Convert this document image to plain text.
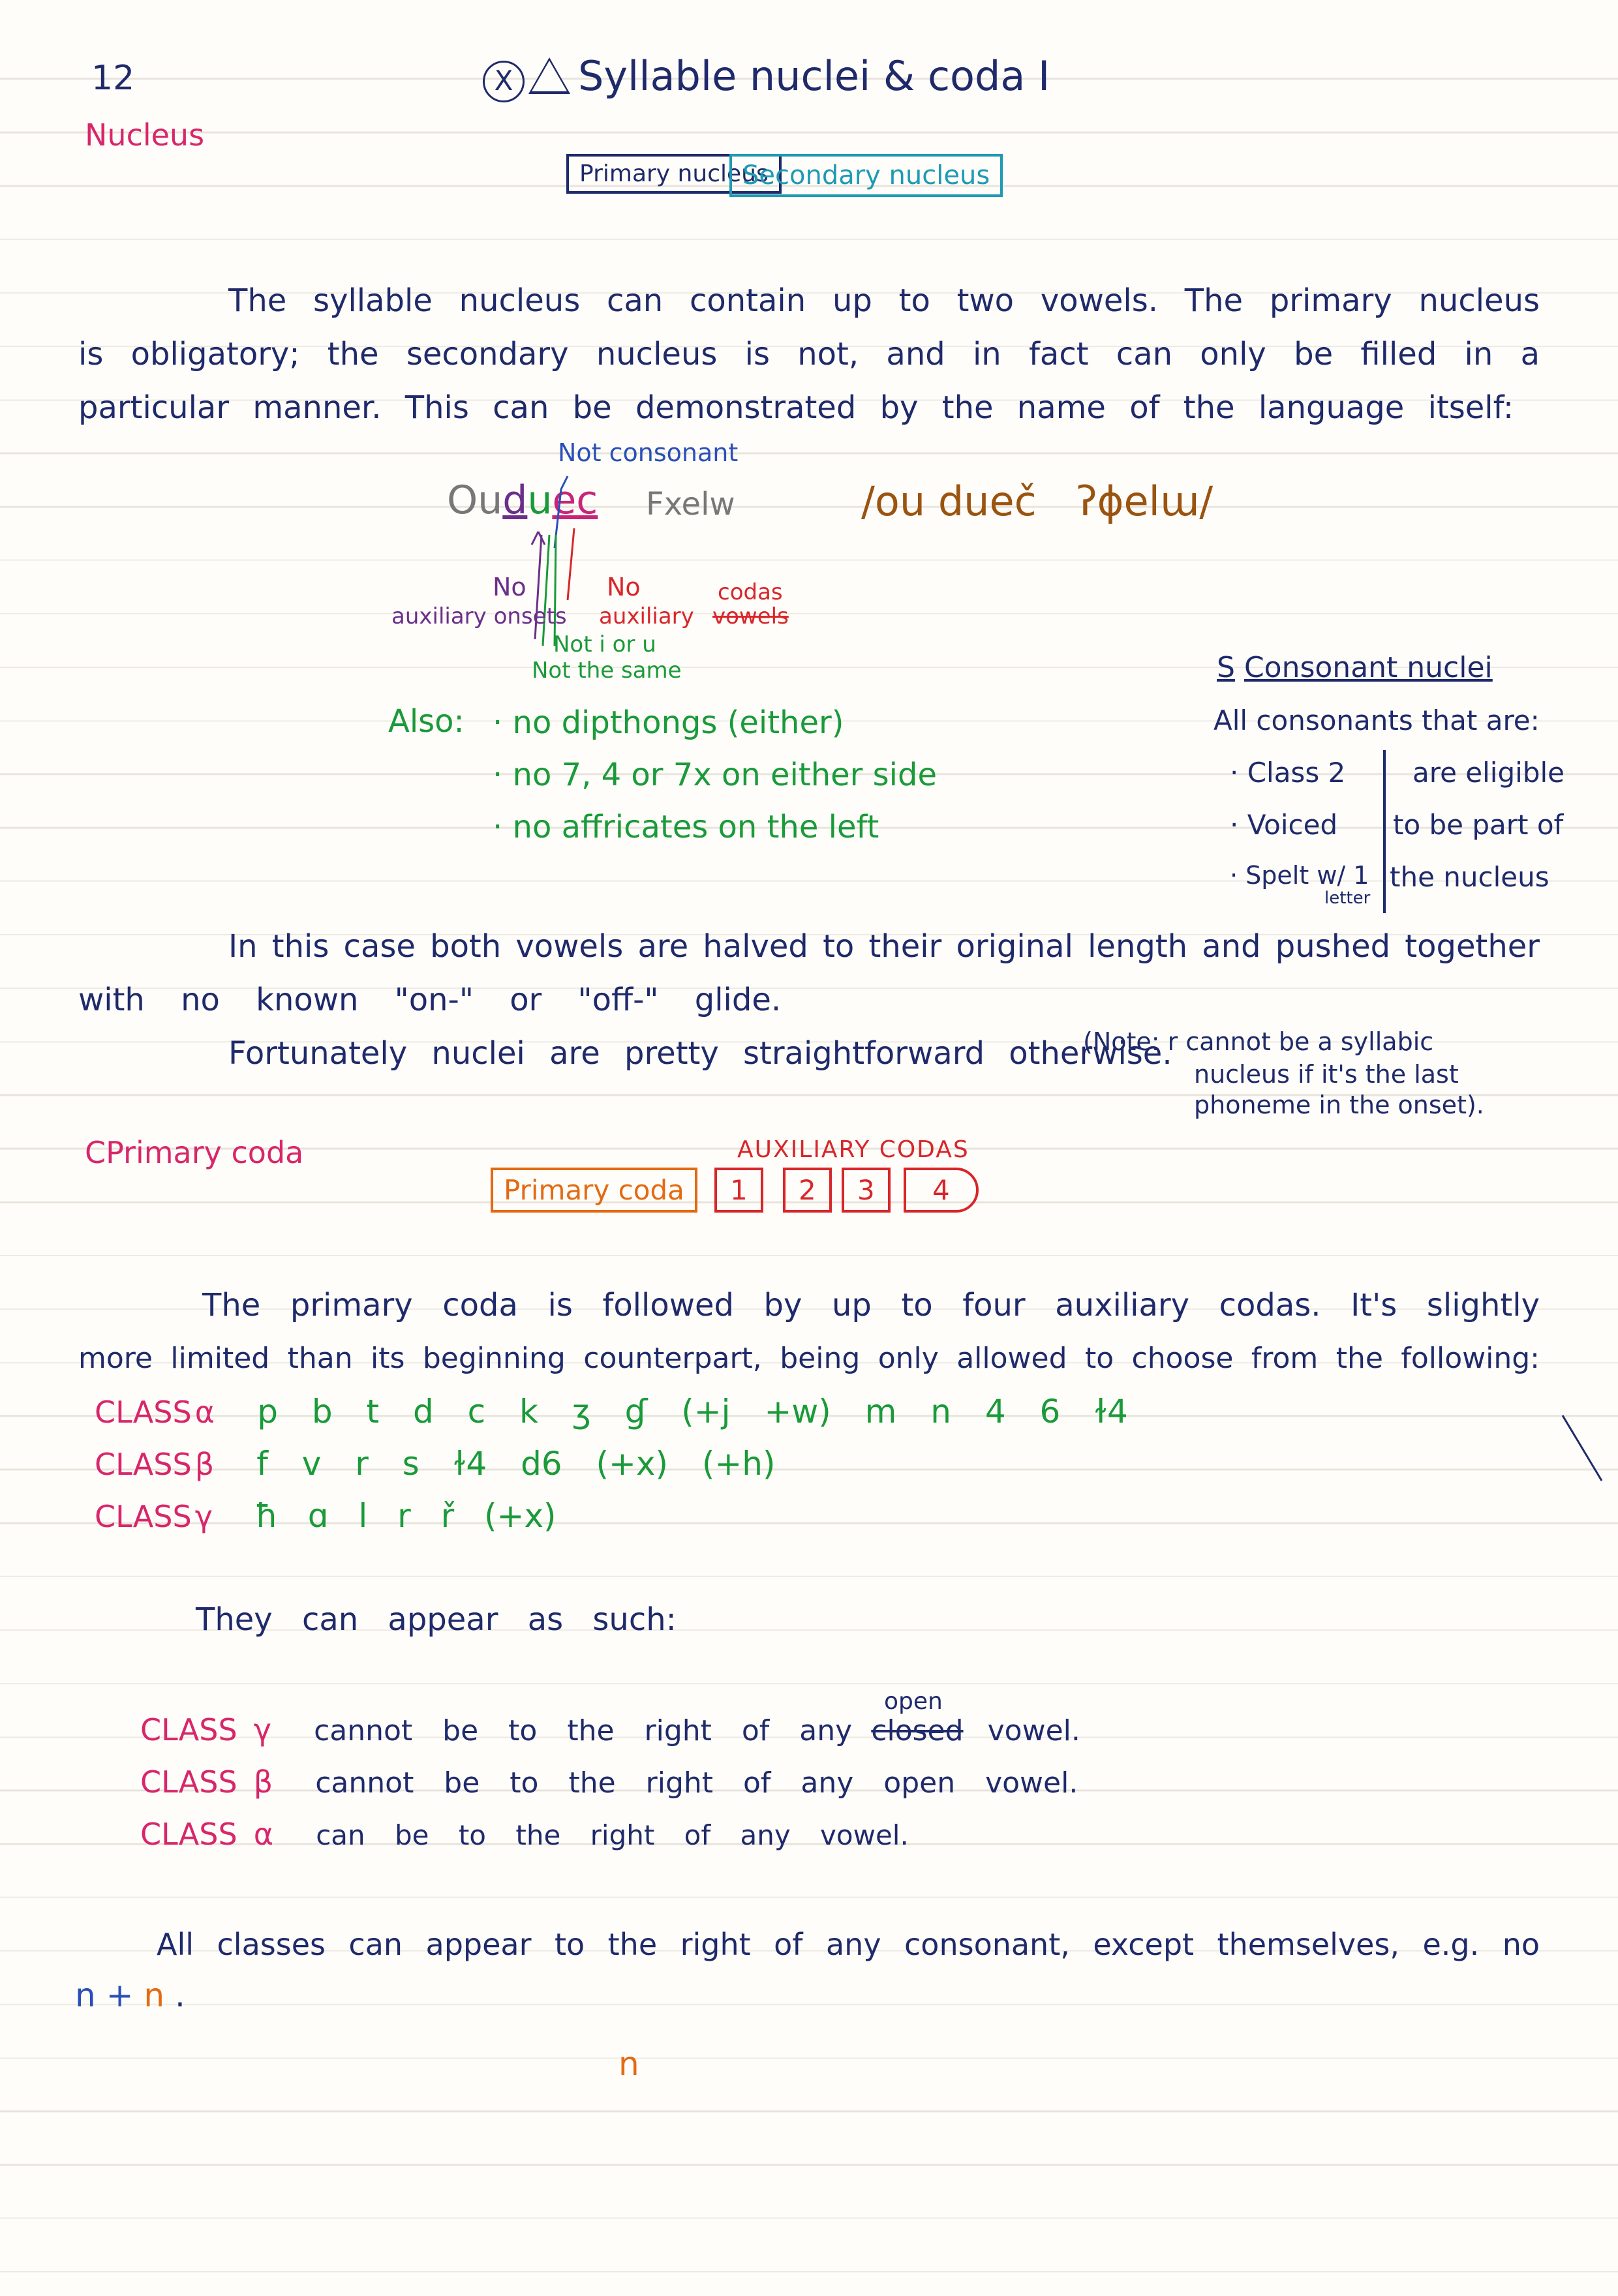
12	X Syllable nuclei & coda I
Nucleus
Primary nucleus
Secondary nucleus
The syllable nucleus can contain up to two vowels. The primary nucleus
is obligatory; the secondary nucleus is not, and in fact can only be filled in a
particular manner. This can be demonstrated by the name of the language itself:
Not consonant
Ouduec Fxelw	/ou dueč ʔɸelɯ/
No
auxiliary onsets
No
auxiliary
codas
vowels
Not i or u
Not the same
Also: · no dipthongs (either)
· no 7, 4 or 7x on either side
· no affricates on the left
S Consonant nuclei
All consonants that are:
· Class 2
· Voiced
· Spelt w/ 1
letter
are eligible
to be part of
the nucleus
In this case both vowels are halved to their original length and pushed together
with no known "on-" or "off-" glide.
Fortunately nuclei are pretty straightforward otherwise.
(Note: r cannot be a syllabic
nucleus if it's the last
phoneme in the onset).
CPrimary coda	AUXILIARY CODAS
Primary coda	1	2	3	4
The primary coda is followed by up to four auxiliary codas. It's slightly
more limited than its beginning counterpart, being only allowed to choose from the following:
CLASS α p b t d c k ʒ ɠ (+j +w) m n 4 6 ɫ4
CLASS β f v r s ɫ4 d6 (+x) (+h)
CLASS γ ħ ɑ l r ř (+x)
They can appear as such:
open
CLASS γ cannot be to the right of any closed vowel.
CLASS β cannot be to the right of any open vowel.
CLASS α can be to the right of any vowel.
All classes can appear to the right of any consonant, except themselves, e.g. no
n + n .
n
